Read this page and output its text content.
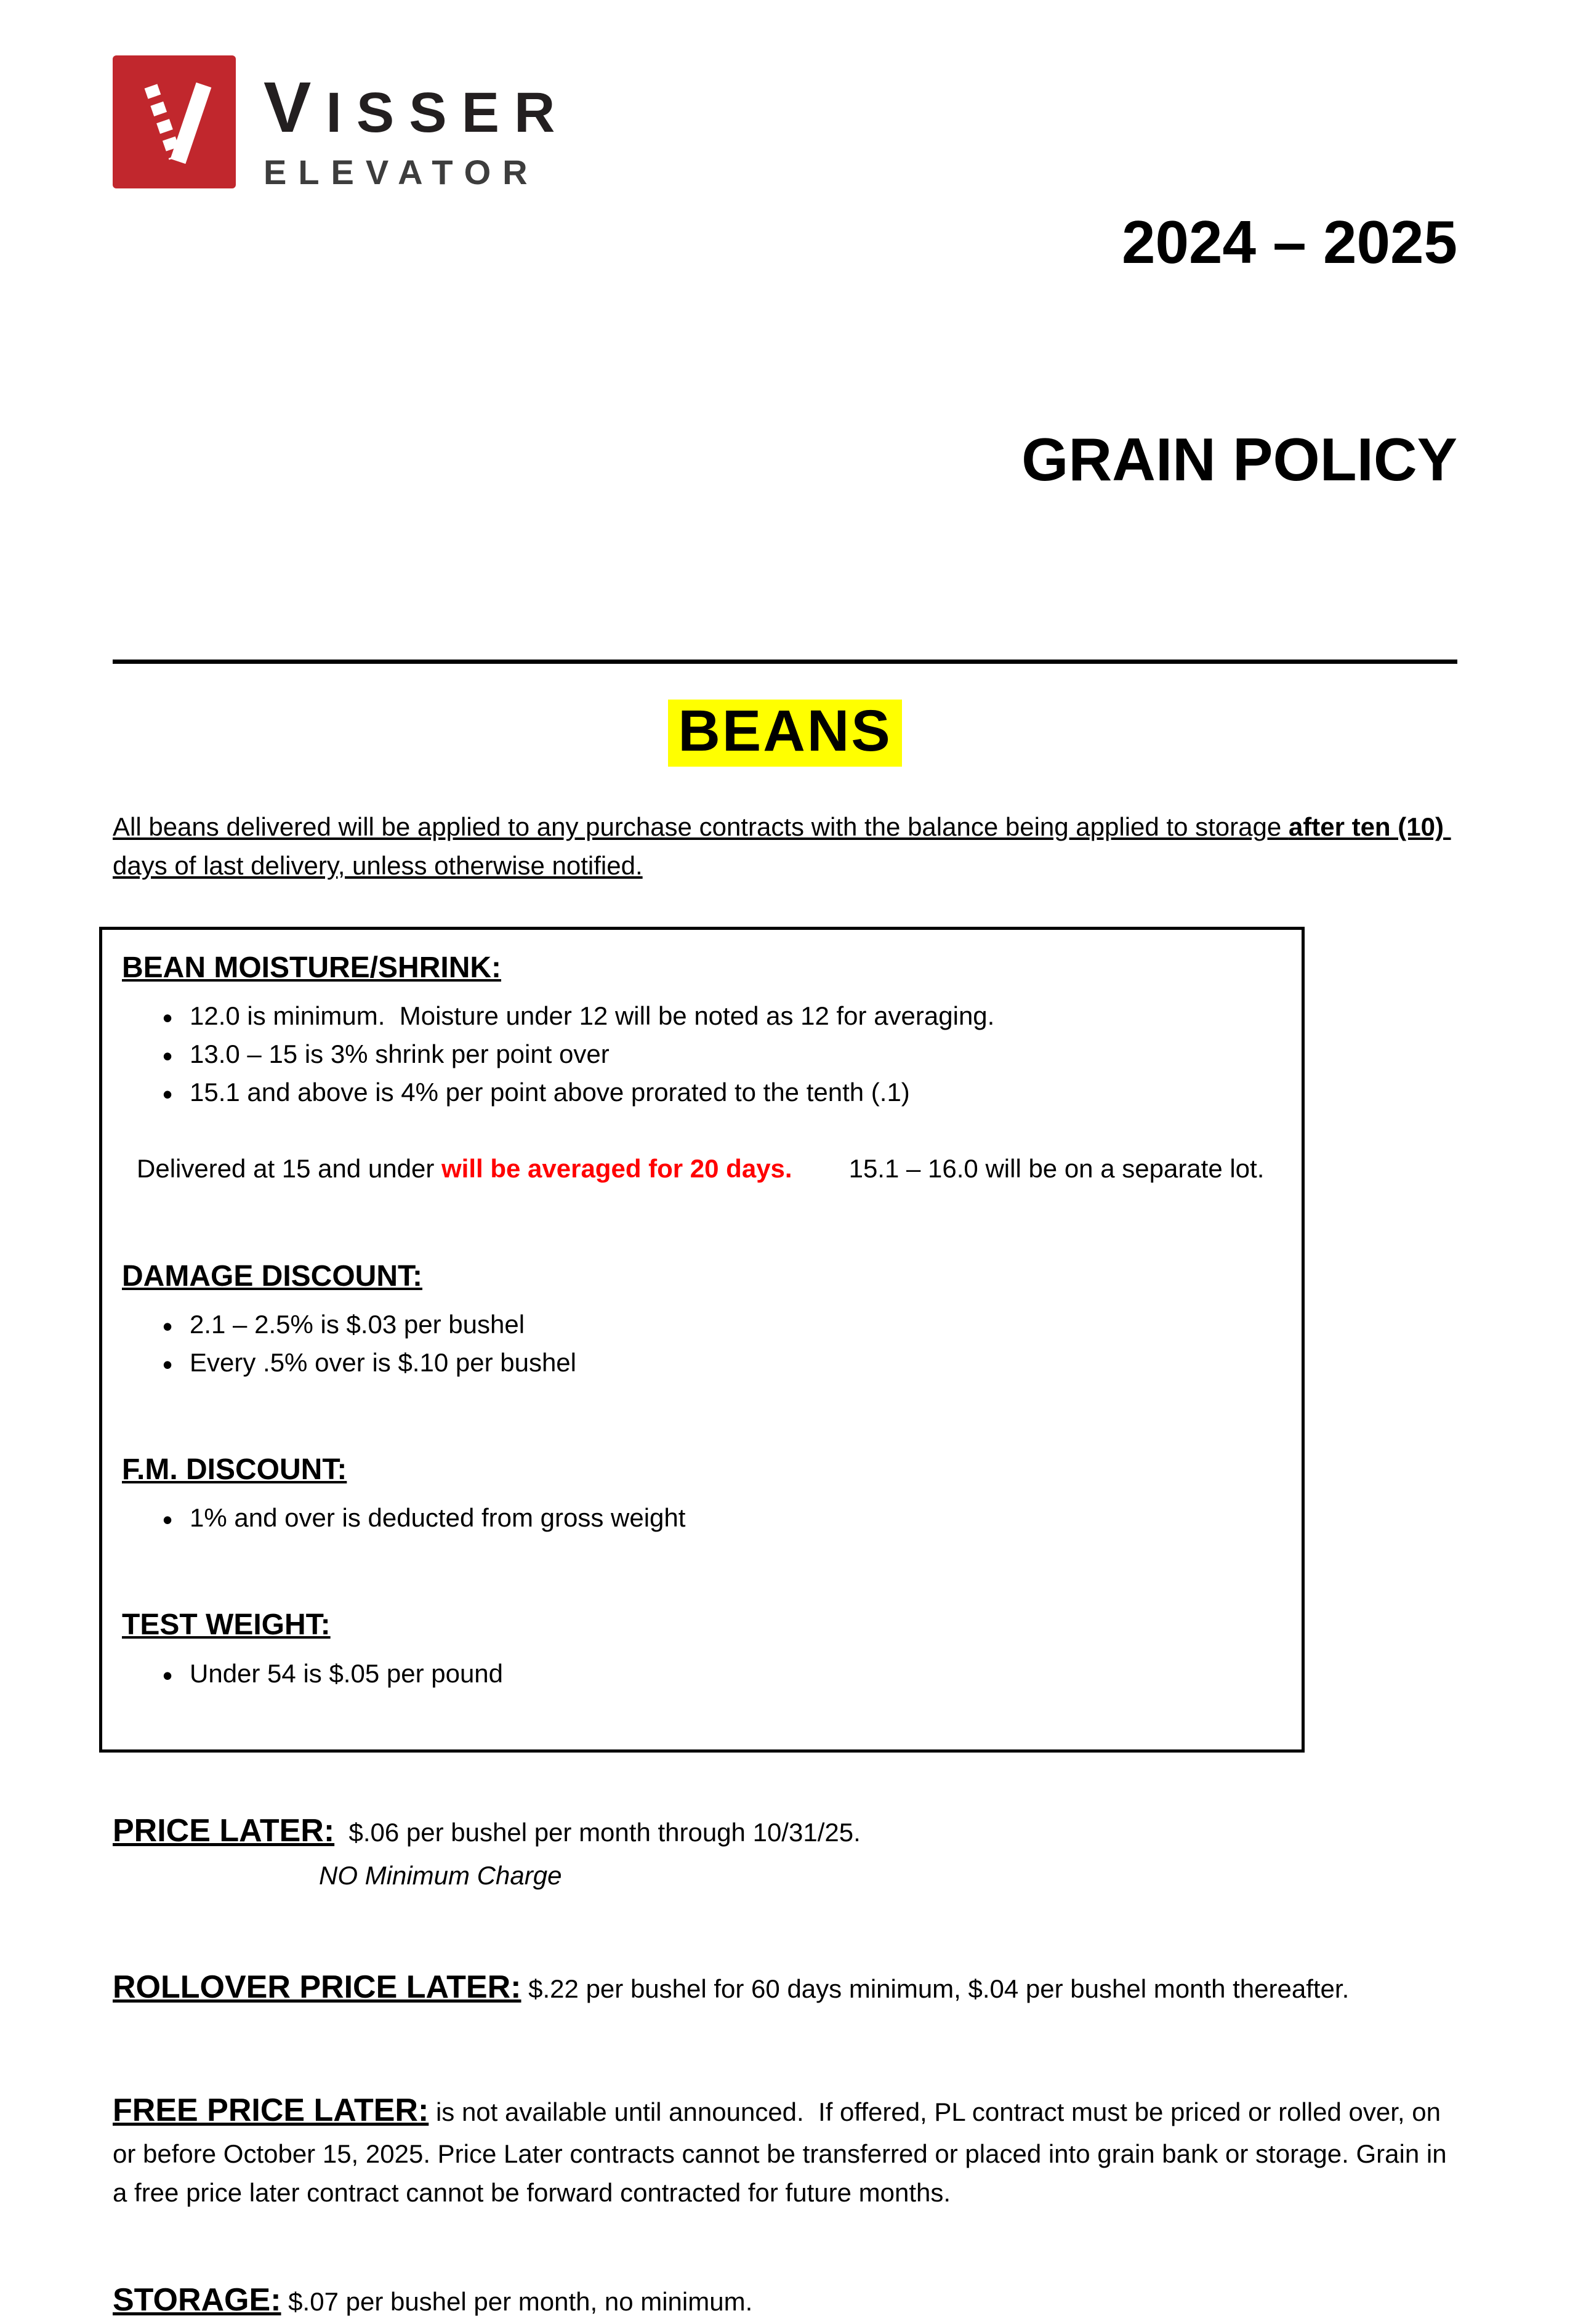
VISSER
ELEVATOR

2024 – 2025

GRAIN POLICY

BEANS

All beans delivered will be applied to any purchase contracts with the balance being applied to storage after ten (10) days of last delivery, unless otherwise notified.

BEAN MOISTURE/SHRINK:
• 12.0 is minimum.  Moisture under 12 will be noted as 12 for averaging.
• 13.0 – 15 is 3% shrink per point over
• 15.1 and above is 4% per point above prorated to the tenth (.1)

Delivered at 15 and under will be averaged for 20 days. 15.1 – 16.0 will be on a separate lot.

DAMAGE DISCOUNT:
• 2.1 – 2.5% is $.03 per bushel
• Every .5% over is $.10 per bushel
F.M. DISCOUNT:
• 1% and over is deducted from gross weight
TEST WEIGHT:
• Under 54 is $.05 per pound

PRICE LATER:  $.06 per bushel per month through 10/31/25.

NO Minimum Charge

ROLLOVER PRICE LATER: $.22 per bushel for 60 days minimum, $.04 per bushel month thereafter.

FREE PRICE LATER: is not available until announced.  If offered, PL contract must be priced or rolled over, on or before October 15, 2025. Price Later contracts cannot be transferred or placed into grain bank or storage. Grain in a free price later contract cannot be forward contracted for future months.

STORAGE: $.07 per bushel per month, no minimum.
